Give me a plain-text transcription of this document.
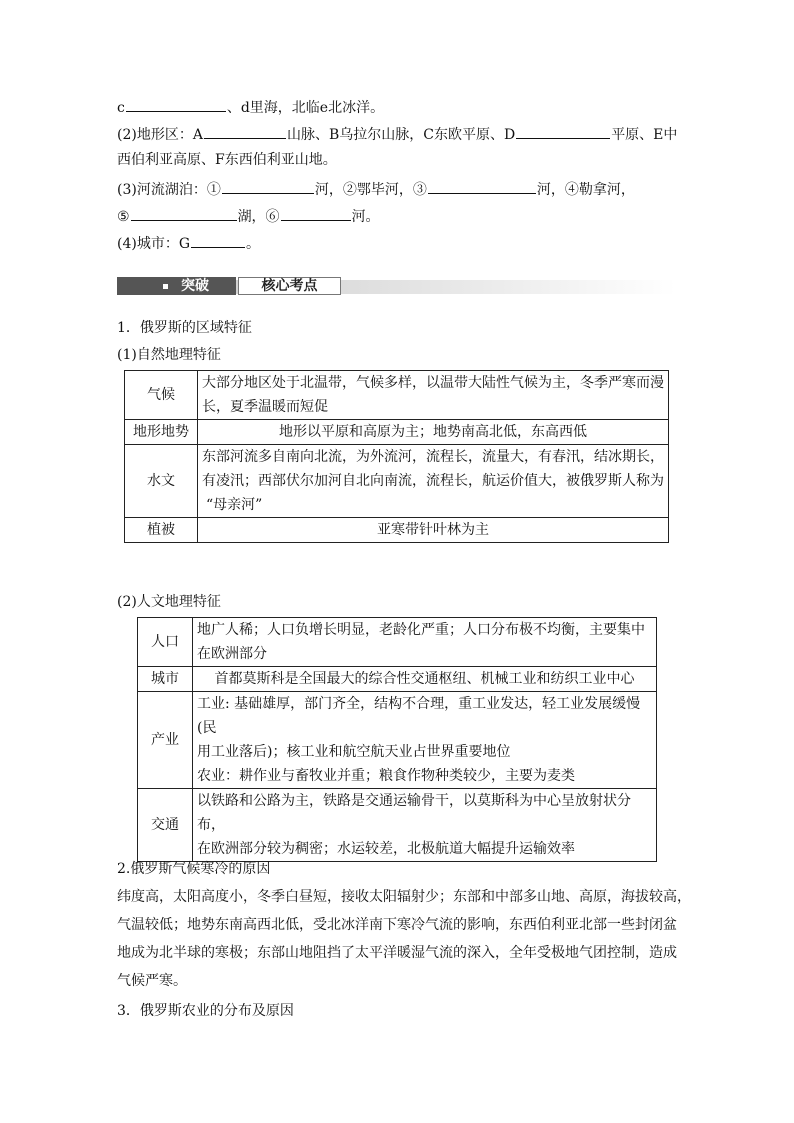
c	、d里海，北临e北冰洋。
(2)地形区：A	山脉、B乌拉尔山脉，C东欧平原、D	平原、E中
西伯利亚高原、F东西伯利亚山地。
(3)河流湖泊：①	河，②鄂毕河，③	河，④勒拿河，
⑤	湖，⑥	河。
(4)城市：G	。
突破	核心考点
1．俄罗斯的区域特征
(1)自然地理特征
气候	大部分地区处于北温带，气候多样，以温带大陆性气候为主，冬季严寒而漫
长，夏季温暖而短促

地形地势	地形以平原和高原为主；地势南高北低，东高西低

水文	东部河流多自南向北流，为外流河，流程长，流量大，有春汛，结冰期长，
有凌汛；西部伏尔加河自北向南流，流程长，航运价值大，被俄罗斯人称为
“母亲河”

植被	亚寒带针叶林为主
(2)人文地理特征
人口	地广人稀；人口负增长明显，老龄化严重；人口分布极不均衡，主要集中
在欧洲部分

城市	首都莫斯科是全国最大的综合性交通枢纽、机械工业和纺织工业中心

产业	工业: 基础雄厚，部门齐全，结构不合理，重工业发达，轻工业发展缓慢(民
用工业落后)；核工业和航空航天业占世界重要地位
农业：耕作业与畜牧业并重；粮食作物种类较少，主要为麦类

交通	以铁路和公路为主，铁路是交通运输骨干，以莫斯科为中心呈放射状分布，
在欧洲部分较为稠密；水运较差，北极航道大幅提升运输效率
2.俄罗斯气候寒冷的原因
纬度高，太阳高度小，冬季白昼短，接收太阳辐射少；东部和中部多山地、高原，海拔较高，
气温较低；地势东南高西北低，受北冰洋南下寒冷气流的影响，东西伯利亚北部一些封闭盆
地成为北半球的寒极；东部山地阻挡了太平洋暖湿气流的深入，全年受极地气团控制，造成
气候严寒。
3．俄罗斯农业的分布及原因
